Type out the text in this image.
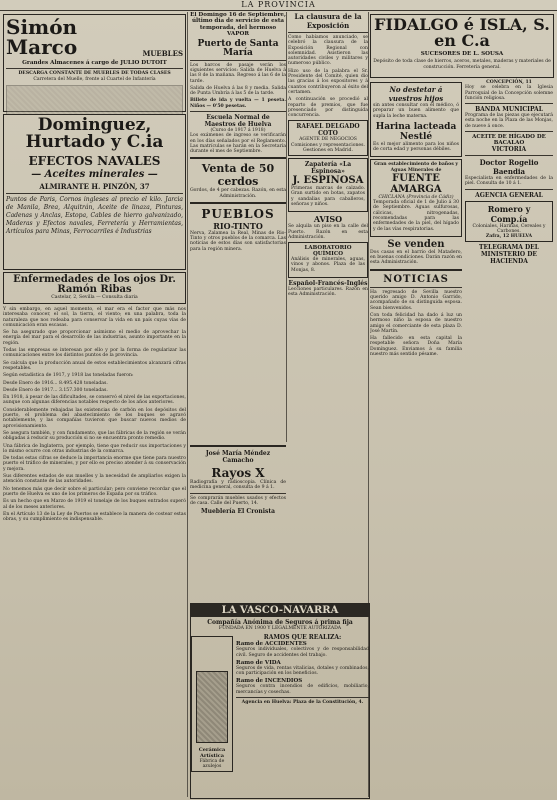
LA PROVINCIA
Simón Marco	MUEBLES
Grandes Almacenes á cargo de JULIO DUTOIT
DESCARGA CONSTANTE DE MUEBLES DE TODAS CLASES
Carretera del Muelle, frente al Cuartel de Infantería
Dominguez, Hurtado y C.ia
EFECTOS NAVALES
— Aceites minerales —
ALMIRANTE H. PINZÓN, 37
Puntos de Paris, Cornos ingleses al precio el kilo. Jarcia de Manila, Brea, Alquitrán, Aceite de linaza, Pinturas, Cadenas y Anclas, Estopa, Cables de hierro galvanizado, Maderas y Efectos navales, Ferretería y Herramientas, Artículos para Minas, Ferrocarriles é Industrias
Enfermedades de los ojos Dr. Ramón Ribas
Castelar, 2, Sevilla — Consulta diaria

Y sin embargo, en aquel momento, el mar era el factor que más nos interesaba conocer, el sol, la tierra, el viento; en una palabra, toda la naturaleza que nos rodeaba para conservar la vida en un país cuyas vías de comunicación eran escasas.

Se ha asegurado que proporcionar asimismo el medio de aprovechar la energía del mar para el desarrollo de las industrias, asunto importante en la región.

Todas las empresas se interesan por ello y por la forma de regularizar las comunicaciones entre los distintos puntos de la provincia.

Se calcula que la producción anual de estos establecimientos alcanzará cifras respetables.

Según estadística de 1917, y 1918 las toneladas fueron:

Desde Enero de 1916... 8.495.428 toneladas.

Desde Enero de 1917... 3.157.300 toneladas.

En 1918, á pesar de las dificultades, se conservó el nivel de las exportaciones, aunque con algunas diferencias notables respecto de los años anteriores.

Considerablemente rebajadas las existencias de carbón en los depósitos del puerto, el problema del abastecimiento de los buques se agravó notablemente, y las compañías tuvieron que buscar nuevos medios de aprovisionamiento.

Se asegura también, y con fundamento, que las fábricas de la región se verán obligadas á reducir su producción si no se encuentra pronto remedio.

Una fábrica de Inglaterra, por ejemplo, tiene que reducir sus importaciones y lo mismo ocurre con otras industrias de la comarca.

De todas estas cifras se deduce la importancia enorme que tiene para nuestro puerto el tráfico de minerales, y por ello es preciso atender á su conservación y mejora.

Sus diferentes estados de sus muelles y la necesidad de ampliarlos exigen la atención constante de las autoridades.

No tenemos más que decir sobre el particular; pero conviene recordar que el puerto de Huelva es uno de los primeros de España por su tráfico.

Es un hecho que en Marzo de 1919 el tonelaje de los buques entrados superó al de los meses anteriores.

En el Artículo 13 de la Ley de Puertos se establece la manera de costear estas obras, y su cumplimiento es indispensable.

El Domingo 16 de Septiembre, último día de servicio de esta temporada, del hermoso VAPOR
Puerto de Santa María

Los barcos de pasaje verán los siguientes servicios: Salida de Huelva á las 8 de la mañana. Regreso á las 6 de la tarde.

Salida de Huelva á las 8 y media. Salida de Punta Umbría á las 5 de la tarde.

Billete de ida y vuelta — 1 peseta. Niños — 0'50 pesetas.

Escuela Normal de Maestros de Huelva
(Curso de 1917 á 1918)

Los exámenes de ingreso se verificarán en los días señalados por el Reglamento. Las matrículas se harán en la Secretaría durante el mes de Septiembre.

Venta de 50 cerdos
Gordos, de 4 per cabezas. Razón, en esta Administración.
PUEBLOS
RIO-TINTO

Nerva, Zalamea la Real, Minas de Rio-Tinto y otros pueblos de la comarca. Las noticias de estos días son satisfactorias para la región minera.

La clausura de la Exposición

Como habíamos anunciado, se celebró la clausura de la Exposición Regional con solemnidad. Asistieron las autoridades civiles y militares y numeroso público.

Hizo uso de la palabra el Sr. Presidente del Comité, quien dio las gracias á los expositores y á cuantos contribuyeron al éxito del certamen.

A continuación se procedió al reparto de premios, que fue presenciado por distinguida concurrencia.

RAFAEL DELGADO COTO
AGENTE DE NEGOCIOS
Comisiones y representaciones. Gestiones en Madrid.
Zapatería «La Espinosa»
J. ESPINOSA

Primeras marcas de calzado. Gran surtido en botas, zapatos y sandalias para caballeros, señoras y niños.

AVISO

Se alquila un piso en la calle del Puerto. Razón en esta Administración.

LABORATORIO QUÍMICO

Análisis de minerales, aguas, vinos y abonos. Plaza de las Monjas, 8.

Español-Francés-Inglés

Lecciones particulares. Razón en esta Administración.

José María Méndez Camacho
Rayos X

Radiografía y radioscopia. Clínica de medicina general, consulta de 9 á 1.

Se comprarán muebles usados y efectos de casa. Calle del Puerto, 14.

Mueblería El Cronista
LA VASCO-NAVARRA
Compañía Anónima de Seguros á prima fija
FUNDADA EN 1900 Y LEGALMENTE AUTORIZADA
Cerámica Artística
Fábrica de azulejos
RAMOS QUE REALIZA:
Ramo de ACCIDENTES

Seguros individuales, colectivos y de responsabilidad civil. Seguro de accidentes del trabajo.

Ramo de VIDA

Seguros de vida, rentas vitalicias, dotales y combinados, con participación en los beneficios.

Ramo de INCENDIOS

Seguros contra incendios de edificios, mobiliario, mercancías y cosechas.

Agencia en Huelva: Plaza de la Constitución, 4.
FIDALGO é ISLA, S. en C.a
SUCESORES DE L. SOUSA
Depósito de toda clase de hierros, aceros, metales, maderas y materiales de construcción. Ferretería general.
No destetar á vuestros hijos

sin antes consultar con el médico, ó preparar un buen alimento que supla la leche materna.

Harina lacteada Nestlé

Es el mejor alimento para los niños de corta edad y personas débiles.

Gran establecimiento de baños y Aguas Minerales de
FUENTE AMARGA
CHICLANA (Provincia de Cádiz)

Temporada oficial de 1 de Julio á 30 de Septiembre. Aguas sulfurosas, cálcicas, nitrogenadas, recomendadas para las enfermedades de la piel, del hígado y de las vías respiratorias.

Se venden

Dos casas en el barrio del Matadero, en buenas condiciones. Darán razón en esta Administración.

NOTICIAS

Ha regresado de Sevilla nuestro querido amigo D. Antonio Garrido, acompañado de su distinguida esposa. Sean bienvenidos.

Con toda felicidad ha dado á luz un hermoso niño la esposa de nuestro amigo el comerciante de esta plaza D. José Martín.

Ha fallecido en esta capital la respetable señora Doña María Domínguez. Enviamos á su familia nuestro más sentido pésame.

CONCEPCIÓN, 11

Hoy se celebra en la Iglesia Parroquial de la Concepción solemne función religiosa.

BANDA MUNICIPAL

Programa de las piezas que ejecutará esta noche en la Plaza de las Monjas, de nueve á once.

ACEITE DE HÍGADO DE BACALAO
VICTORIA
Doctor Rogelio Baendia

Especialista en enfermedades de la piel. Consulta de 10 á 1.

AGENCIA GENERAL
Romero y Comp.ía
Coloniales, Harinas, Cereales y Carbones.
Zafra, 12 HUELVA
TELEGRAMA DEL MINISTERIO DE HACIENDA
